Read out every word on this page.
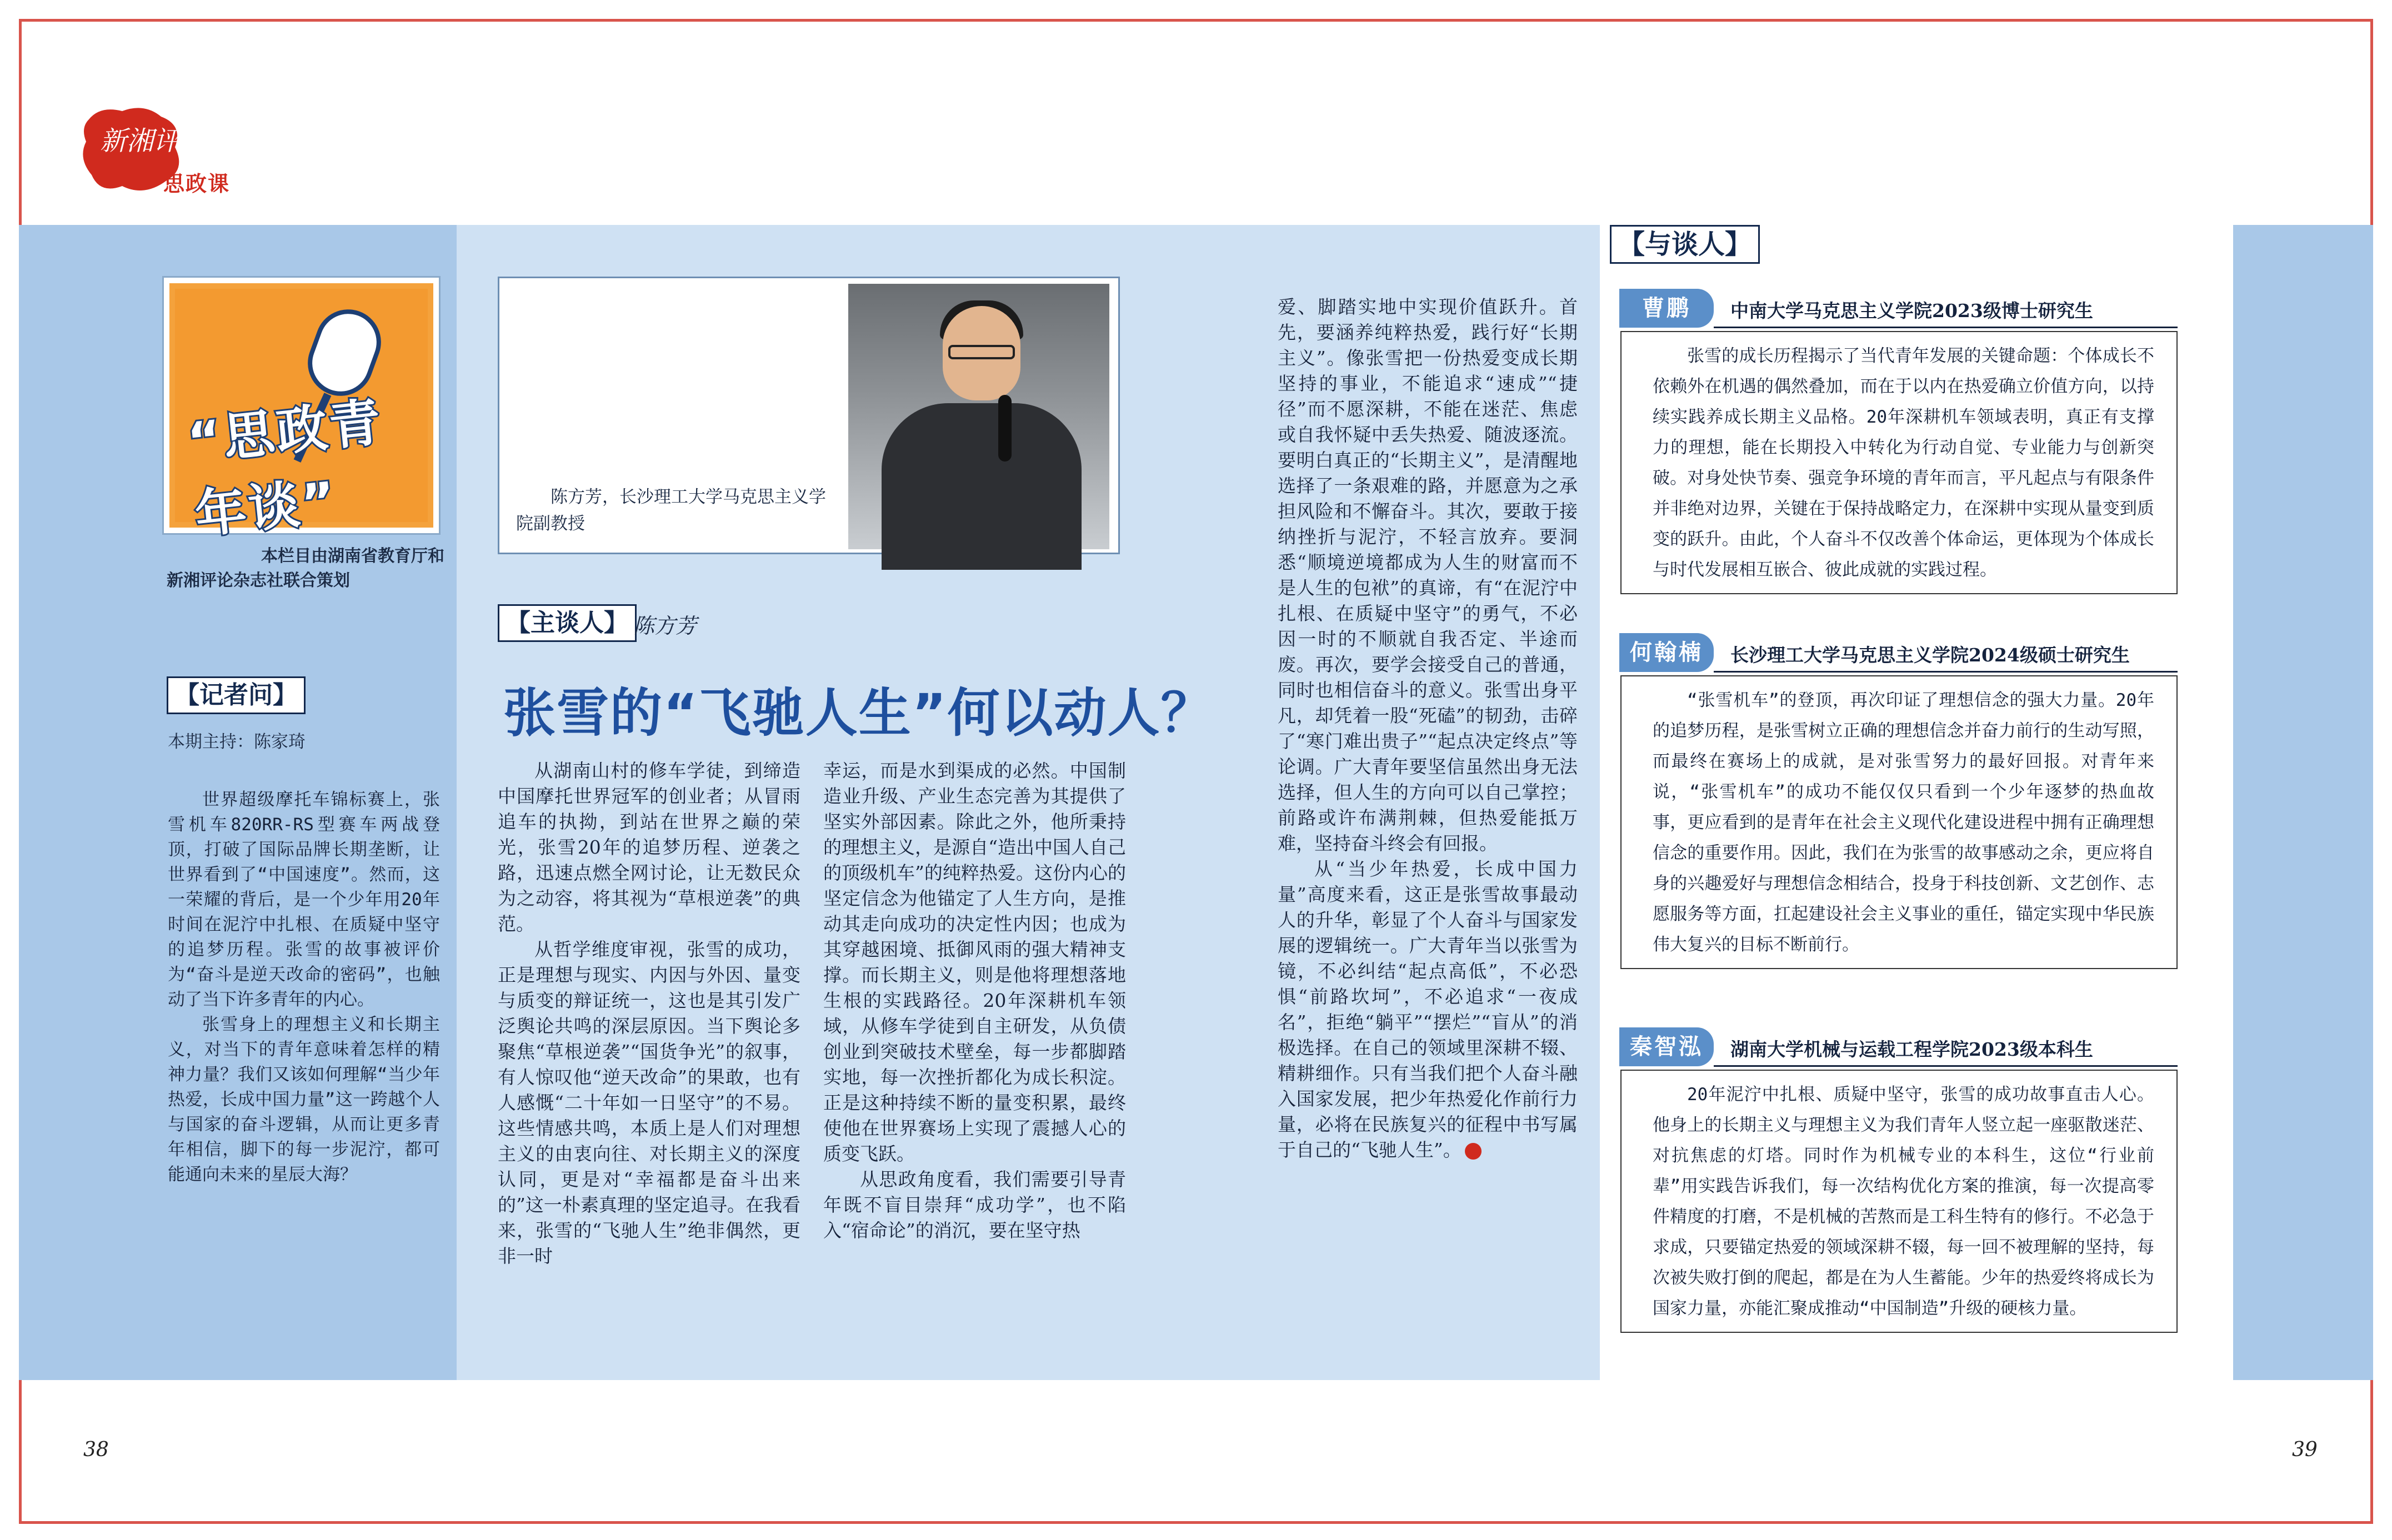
新湘评论
思政课
“思政青年谈”
本栏目由湖南省教育厅和
新湘评论杂志社联合策划
【记者问】
本期主持：陈家琦

世界超级摩托车锦标赛上，张雪机车820RR-RS型赛车两战登顶，打破了国际品牌长期垄断，让世界看到了“中国速度”。然而，这一荣耀的背后，是一个少年用20年时间在泥泞中扎根、在质疑中坚守的追梦历程。张雪的故事被评价为“奋斗是逆天改命的密码”，也触动了当下许多青年的内心。

张雪身上的理想主义和长期主义，对当下的青年意味着怎样的精神力量？我们又该如何理解“当少年热爱，长成中国力量”这一跨越个人与国家的奋斗逻辑，从而让更多青年相信，脚下的每一步泥泞，都可能通向未来的星辰大海？

陈方芳，长沙理工大学马克思主义学院副教授
【主谈人】 陈方芳
张雪的“飞驰人生”何以动人？

从湖南山村的修车学徒，到缔造中国摩托世界冠军的创业者；从冒雨追车的执拗，到站在世界之巅的荣光，张雪20年的追梦历程、逆袭之路，迅速点燃全网讨论，让无数民众为之动容，将其视为“草根逆袭”的典范。

从哲学维度审视，张雪的成功，正是理想与现实、内因与外因、量变与质变的辩证统一，这也是其引发广泛舆论共鸣的深层原因。当下舆论多聚焦“草根逆袭”“国货争光”的叙事，有人惊叹他“逆天改命”的果敢，也有人感慨“二十年如一日坚守”的不易。这些情感共鸣，本质上是人们对理想主义的由衷向往、对长期主义的深度认同，更是对“幸福都是奋斗出来的”这一朴素真理的坚定追寻。在我看来，张雪的“飞驰人生”绝非偶然，更非一时

幸运，而是水到渠成的必然。中国制造业升级、产业生态完善为其提供了坚实外部因素。除此之外，他所秉持的理想主义，是源自“造出中国人自己的顶级机车”的纯粹热爱。这份内心的坚定信念为他锚定了人生方向，是推动其走向成功的决定性内因；也成为其穿越困境、抵御风雨的强大精神支撑。而长期主义，则是他将理想落地生根的实践路径。20年深耕机车领域，从修车学徒到自主研发，从负债创业到突破技术壁垒，每一步都脚踏实地，每一次挫折都化为成长积淀。正是这种持续不断的量变积累，最终使他在世界赛场上实现了震撼人心的质变飞跃。

从思政角度看，我们需要引导青年既不盲目崇拜“成功学”，也不陷入“宿命论”的消沉，要在坚守热

爱、脚踏实地中实现价值跃升。首先，要涵养纯粹热爱，践行好“长期主义”。像张雪把一份热爱变成长期坚持的事业，不能追求“速成”“捷径”而不愿深耕，不能在迷茫、焦虑或自我怀疑中丢失热爱、随波逐流。要明白真正的“长期主义”，是清醒地选择了一条艰难的路，并愿意为之承担风险和不懈奋斗。其次，要敢于接纳挫折与泥泞，不轻言放弃。要洞悉“顺境逆境都成为人生的财富而不是人生的包袱”的真谛，有“在泥泞中扎根、在质疑中坚守”的勇气，不必因一时的不顺就自我否定、半途而废。再次，要学会接受自己的普通，同时也相信奋斗的意义。张雪出身平凡，却凭着一股“死磕”的韧劲，击碎了“寒门难出贵子”“起点决定终点”等论调。广大青年要坚信虽然出身无法选择，但人生的方向可以自己掌控；前路或许布满荆棘，但热爱能抵万难，坚持奋斗终会有回报。

从“当少年热爱，长成中国力量”高度来看，这正是张雪故事最动人的升华，彰显了个人奋斗与国家发展的逻辑统一。广大青年当以张雪为镜，不必纠结“起点高低”，不必恐惧“前路坎坷”，不必追求“一夜成名”，拒绝“躺平”“摆烂”“盲从”的消极选择。在自己的领域里深耕不辍、精耕细作。只有当我们把个人奋斗融入国家发展，把少年热爱化作前行力量，必将在民族复兴的征程中书写属于自己的“飞驰人生”。

【与谈人】
曹鹏	中南大学马克思主义学院2023级博士研究生

张雪的成长历程揭示了当代青年发展的关键命题：个体成长不依赖外在机遇的偶然叠加，而在于以内在热爱确立价值方向，以持续实践养成长期主义品格。20年深耕机车领域表明，真正有支撑力的理想，能在长期投入中转化为行动自觉、专业能力与创新突破。对身处快节奏、强竞争环境的青年而言，平凡起点与有限条件并非绝对边界，关键在于保持战略定力，在深耕中实现从量变到质变的跃升。由此，个人奋斗不仅改善个体命运，更体现为个体成长与时代发展相互嵌合、彼此成就的实践过程。

何翰楠	长沙理工大学马克思主义学院2024级硕士研究生

“张雪机车”的登顶，再次印证了理想信念的强大力量。20年的追梦历程，是张雪树立正确的理想信念并奋力前行的生动写照，而最终在赛场上的成就，是对张雪努力的最好回报。对青年来说，“张雪机车”的成功不能仅仅只看到一个少年逐梦的热血故事，更应看到的是青年在社会主义现代化建设进程中拥有正确理想信念的重要作用。因此，我们在为张雪的故事感动之余，更应将自身的兴趣爱好与理想信念相结合，投身于科技创新、文艺创作、志愿服务等方面，扛起建设社会主义事业的重任，锚定实现中华民族伟大复兴的目标不断前行。

秦智泓	湖南大学机械与运载工程学院2023级本科生

20年泥泞中扎根、质疑中坚守，张雪的成功故事直击人心。他身上的长期主义与理想主义为我们青年人竖立起一座驱散迷茫、对抗焦虑的灯塔。同时作为机械专业的本科生，这位“行业前辈”用实践告诉我们，每一次结构优化方案的推演，每一次提高零件精度的打磨，不是机械的苦熬而是工科生特有的修行。不必急于求成，只要锚定热爱的领域深耕不辍，每一回不被理解的坚持，每次被失败打倒的爬起，都是在为人生蓄能。少年的热爱终将成长为国家力量，亦能汇聚成推动“中国制造”升级的硬核力量。

38	39
